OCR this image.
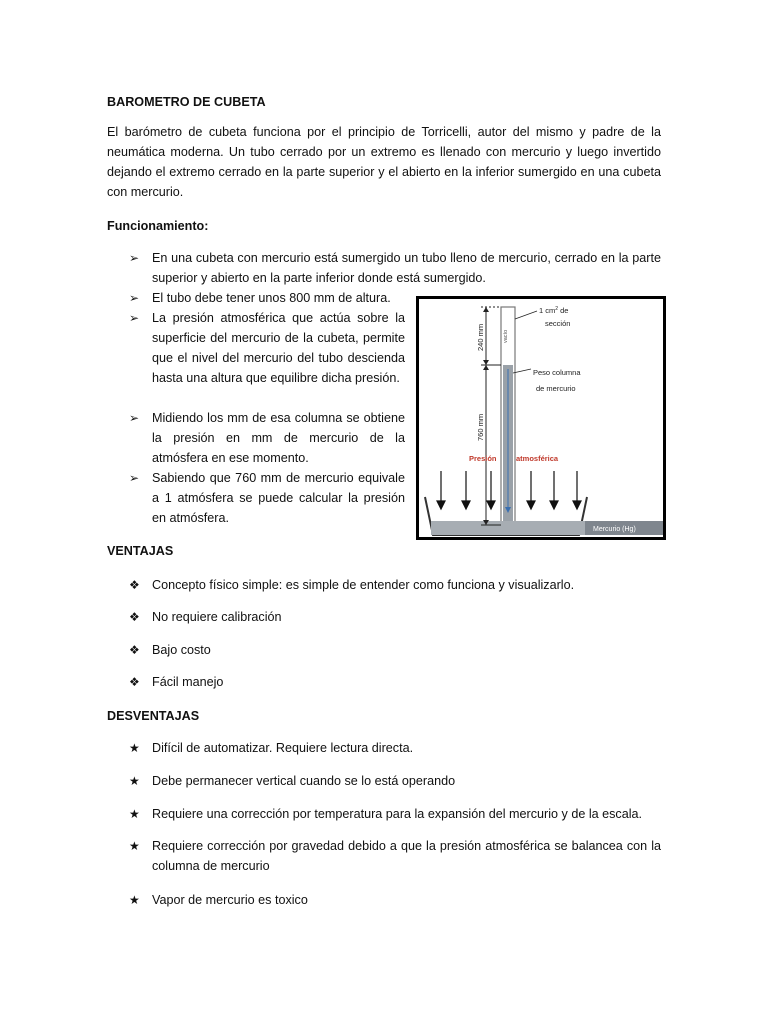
BAROMETRO DE CUBETA
El barómetro de cubeta funciona por el principio de Torricelli, autor del mismo y padre de la neumática moderna. Un tubo cerrado por un extremo es llenado con mercurio y luego invertido dejando el extremo cerrado en la parte superior y el abierto en la inferior sumergido en una cubeta con mercurio.
Funcionamiento:
➢ En una cubeta con mercurio está sumergido un tubo lleno de mercurio, cerrado en la parte superior y abierto en la parte inferior donde está sumergido.
➢ El tubo debe tener unos 800 mm de altura.
➢ La presión atmosférica que actúa sobre la superficie del mercurio de la cubeta, permite que el nivel del mercurio del tubo descienda hasta una altura que equilibre dicha presión.
➢ Midiendo los mm de esa columna se obtiene la presión en mm de mercurio de la atmósfera en ese momento.
➢ Sabiendo que 760 mm de mercurio equivale a 1 atmósfera se puede calcular la presión en atmósfera.
1 $cm^2$ de
sección
Peso columna
de mercurio
240 mm	vacío
760 mm
Presión	atmosférica
Mercurio (Hg)
VENTAJAS
❖ Concepto físico simple: es simple de entender como funciona y visualizarlo.
❖ No requiere calibración
❖ Bajo costo
❖ Fácil manejo
DESVENTAJAS
★ Difícil de automatizar. Requiere lectura directa.
★ Debe permanecer vertical cuando se lo está operando
★ Requiere una corrección por temperatura para la expansión del mercurio y de la escala.
★ Requiere corrección por gravedad debido a que la presión atmosférica se balancea con la columna de mercurio
★ Vapor de mercurio es toxico
